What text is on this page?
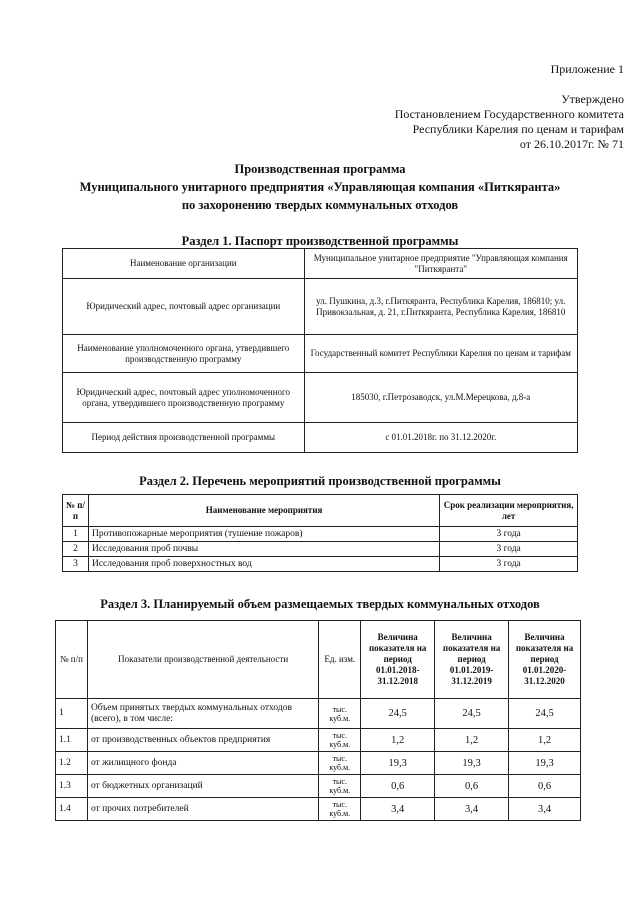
Приложение 1
Утверждено
Постановлением Государственного комитета
Республики Карелия по ценам и тарифам
от 26.10.2017г. № 71
Производственная программа
Муниципального унитарного предприятия «Управляющая компания «Питкяранта»
по захоронению твердых коммунальных отходов
Раздел 1. Паспорт производственной программы
Наименование организации	Муниципальное унитарное предприятие "Управляющая компания "Питкяранта"
Юридический адрес, почтовый адрес организации	ул. Пушкина, д.3, г.Питкяранта, Республика Карелия, 186810; ул. Привокзальная, д. 21, г.Питкяранта, Республика Карелия, 186810
Наименование уполномоченного органа, утвердившего производственную программу	Государственный комитет Республики Карелия по ценам и тарифам
Юридический адрес, почтовый адрес уполномоченного органа, утвердившего производственную программу	185030, г.Петрозаводск, ул.М.Мерецкова, д.8-а
Период действия производственной программы	с 01.01.2018г. по 31.12.2020г.
Раздел 2. Перечень мероприятий производственной программы
№ п/п	Наименование мероприятия	Срок реализации мероприятия, лет
1	Противопожарные мероприятия (тушение пожаров)	3 года
2	Исследования проб почвы	3 года
3	Исследования проб поверхностных вод	3 года
Раздел 3. Планируемый объем размещаемых твердых коммунальных отходов
№ п/п	Показатели производственной деятельности	Ед. изм.	Величина показателя на период 01.01.2018-31.12.2018	Величина показателя на период 01.01.2019-31.12.2019	Величина показателя на период 01.01.2020-31.12.2020
1	Объем принятых твердых коммунальных отходов (всего), в том числе:	тыс. куб.м.	24,5	24,5	24,5
1.1	от производственных объектов предприятия	тыс. куб.м.	1,2	1,2	1,2
1.2	от жилищного фонда	тыс. куб.м.	19,3	19,3	19,3
1.3	от бюджетных организаций	тыс. куб.м.	0,6	0,6	0,6
1.4	от прочих потребителей	тыс. куб.м.	3,4	3,4	3,4
